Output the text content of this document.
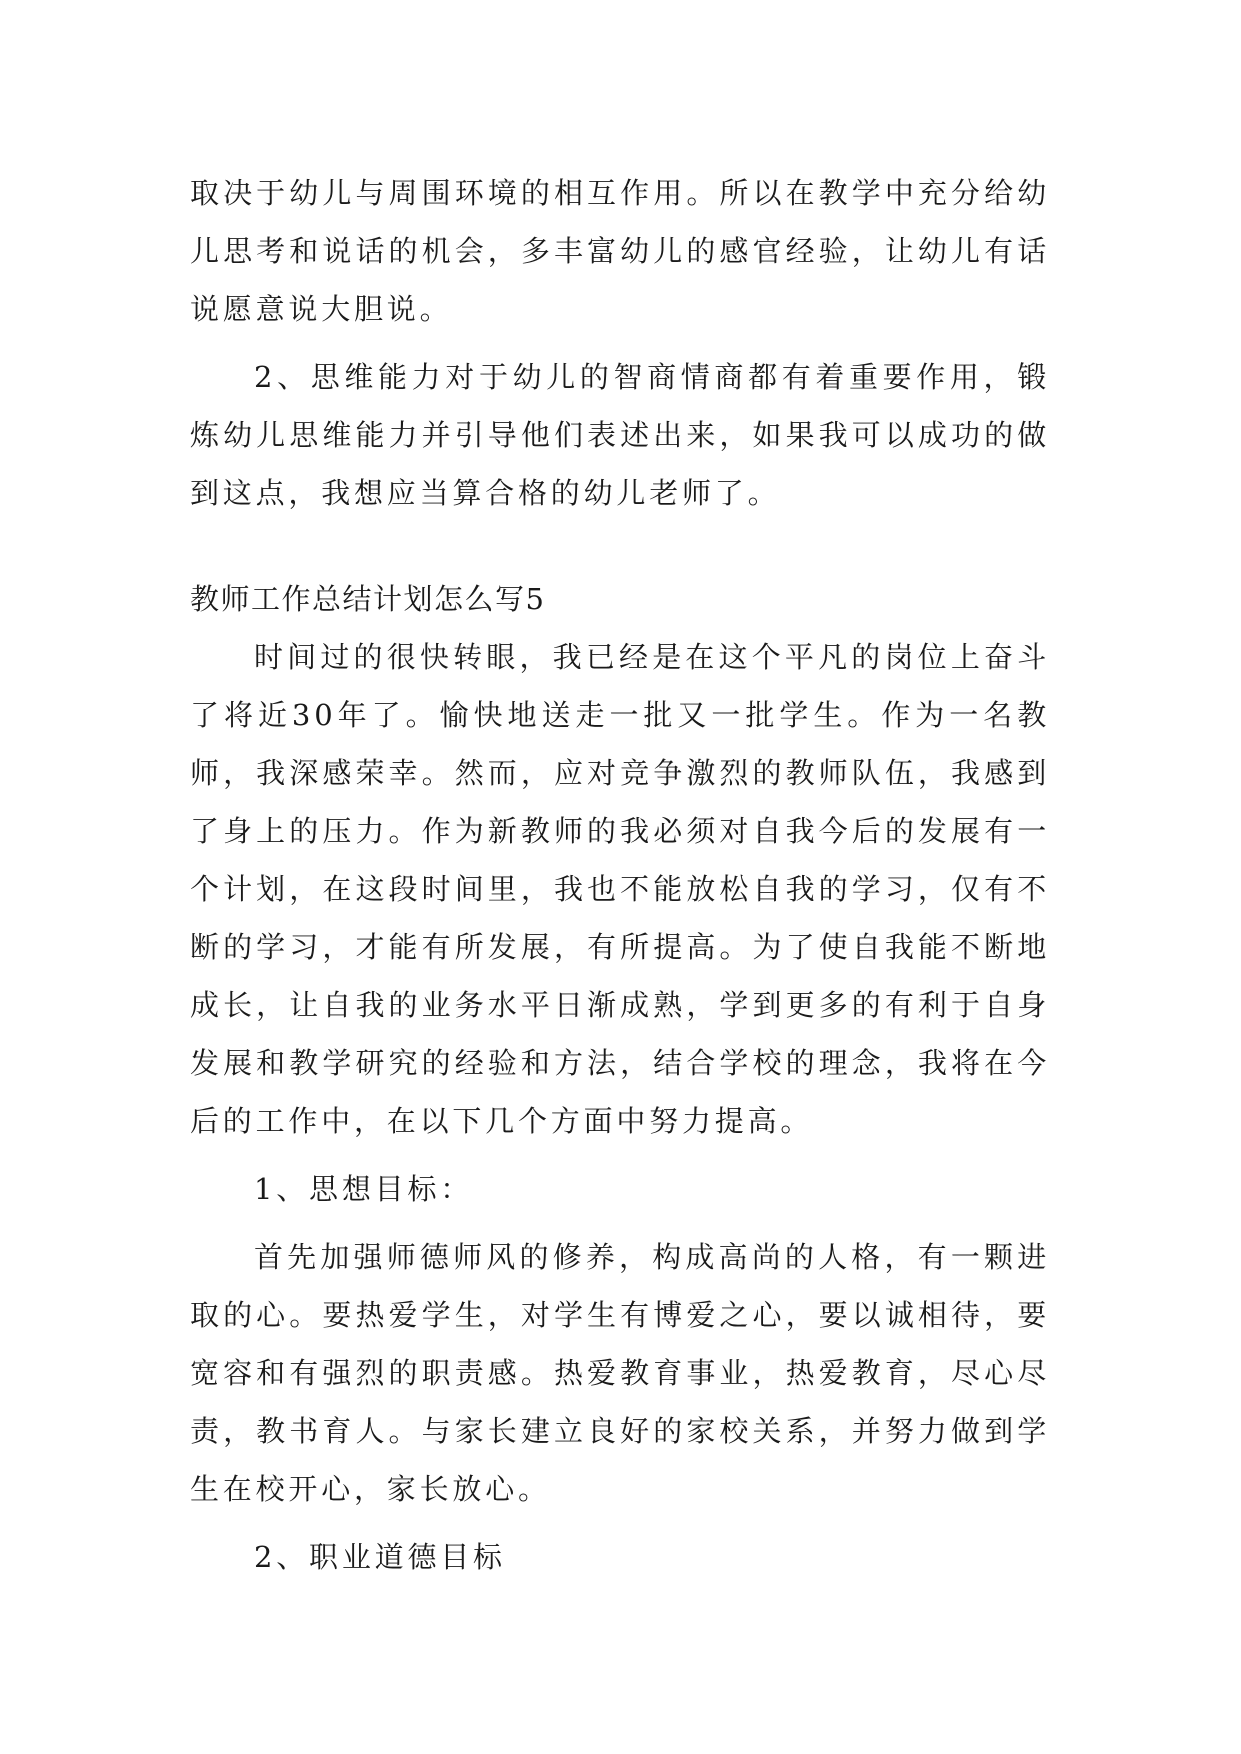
取决于幼儿与周围环境的相互作用。所以在教学中充分给幼儿思考和说话的机会，多丰富幼儿的感官经验，让幼儿有话说愿意说大胆说。

2、思维能力对于幼儿的智商情商都有着重要作用，锻炼幼儿思维能力并引导他们表述出来，如果我可以成功的做到这点，我想应当算合格的幼儿老师了。

教师工作总结计划怎么写5

时间过的很快转眼，我已经是在这个平凡的岗位上奋斗了将近30年了。愉快地送走一批又一批学生。作为一名教师，我深感荣幸。然而，应对竞争激烈的教师队伍，我感到了身上的压力。作为新教师的我必须对自我今后的发展有一个计划，在这段时间里，我也不能放松自我的学习，仅有不断的学习，才能有所发展，有所提高。为了使自我能不断地成长，让自我的业务水平日渐成熟，学到更多的有利于自身发展和教学研究的经验和方法，结合学校的理念，我将在今后的工作中，在以下几个方面中努力提高。

1、思想目标：

首先加强师德师风的修养，构成高尚的人格，有一颗进取的心。要热爱学生，对学生有博爱之心，要以诚相待，要宽容和有强烈的职责感。热爱教育事业，热爱教育，尽心尽责，教书育人。与家长建立良好的家校关系，并努力做到学生在校开心，家长放心。

2、职业道德目标
